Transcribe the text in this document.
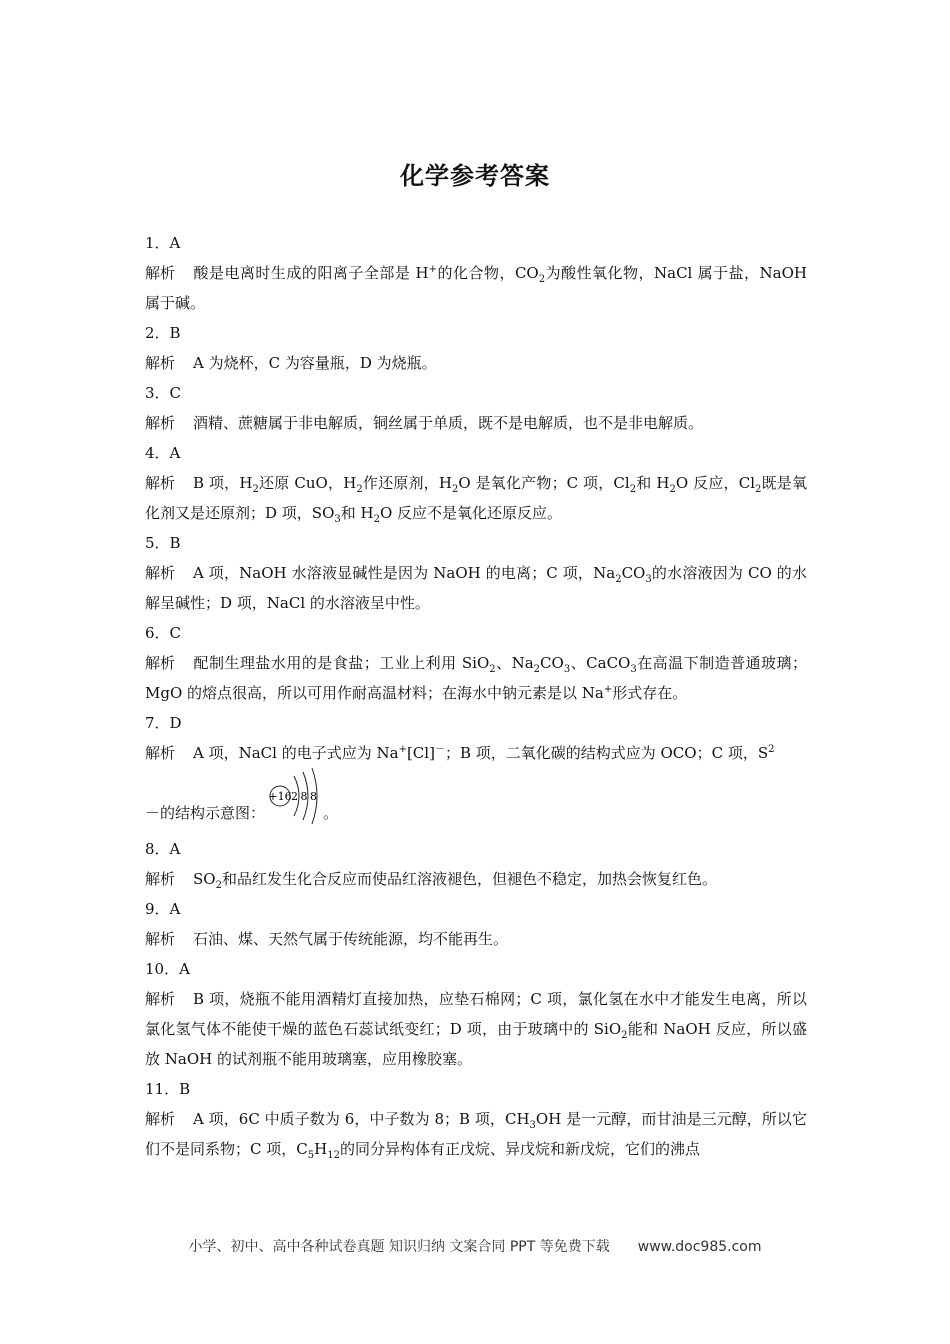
化学参考答案
1．A
解析 酸是电离时生成的阳离子全部是 H+的化合物，$CO_2$为酸性氧化物，NaCl 属于盐，NaOH 属于碱。
2．B
解析 A 为烧杯，C 为容量瓶，D 为烧瓶。
3．C
解析 酒精、蔗糖属于非电解质，铜丝属于单质，既不是电解质，也不是非电解质。
4．A
解析 B 项，$H_2$还原 CuO，$H_2$作还原剂，$H_2O$ 是氧化产物；C 项，$Cl_2$和 $H_2O$ 反应，$Cl_2$既是氧化剂又是还原剂；D 项，$SO_3$和 $H_2O$ 反应不是氧化还原反应。
5．B
解析 A 项，NaOH 水溶液显碱性是因为 NaOH 的电离；C 项，$Na_2CO_3$的水溶液因为 CO 的水解呈碱性；D 项，NaCl 的水溶液呈中性。
6．C
解析 配制生理盐水用的是食盐；工业上利用 SiO$_2$、$Na_2CO_3$、CaCO$_3$在高温下制造普通玻璃；MgO 的熔点很高，所以可用作耐高温材料；在海水中钠元素是以 Na+形式存在。
7．D
解析 A 项，NaCl 的电子式应为 Na+[Cl]－；B 项，二氧化碳的结构式应为 OCO；C 项，$S^2$
－的结构示意图：	。
+16 2 8 8
8．A
解析 $SO_2$和品红发生化合反应而使品红溶液褪色，但褪色不稳定，加热会恢复红色。
9．A
解析 石油、煤、天然气属于传统能源，均不能再生。
10．A
解析 B 项，烧瓶不能用酒精灯直接加热，应垫石棉网；C 项，氯化氢在水中才能发生电离，所以氯化氢气体不能使干燥的蓝色石蕊试纸变红；D 项，由于玻璃中的 SiO$_2$能和 NaOH 反应，所以盛放 NaOH 的试剂瓶不能用玻璃塞，应用橡胶塞。
11．B
解析 A 项，6C 中质子数为 6，中子数为 8；B 项，$CH_3OH$ 是一元醇，而甘油是三元醇，所以它们不是同系物；C 项，$C_5H_{12}$的同分异构体有正戊烷、异戊烷和新戊烷，它们的沸点
小学、初中、高中各种试卷真题 知识归纳 文案合同 PPT 等免费下载 www.doc985.com
